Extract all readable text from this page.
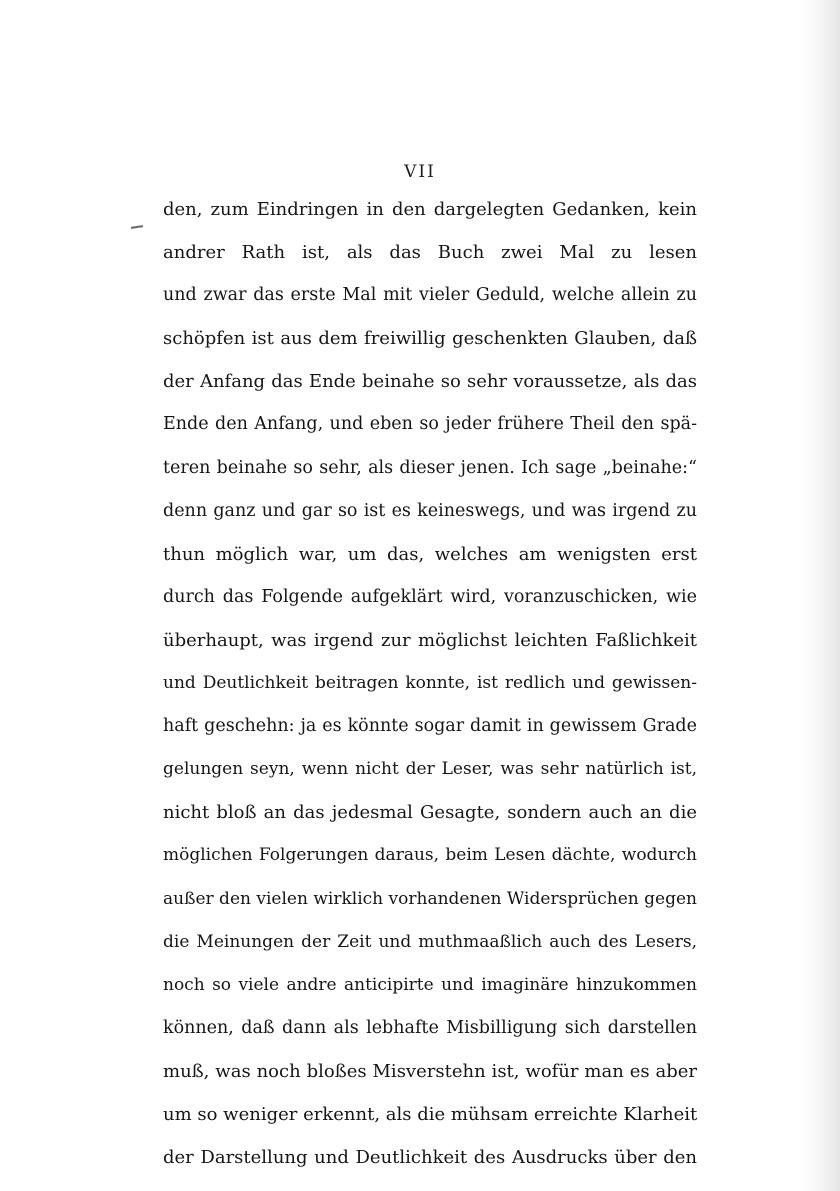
VII
den, zum Eindringen in den dargelegten Gedanken, kein
andrer Rath ist, als das Buch zwei Mal zu lesen
und zwar das erste Mal mit vieler Geduld, welche allein zu
schöpfen ist aus dem freiwillig geschenkten Glauben, daß
der Anfang das Ende beinahe so sehr voraussetze, als das
Ende den Anfang, und eben so jeder frühere Theil den spä-
teren beinahe so sehr, als dieser jenen. Ich sage „beinahe:“
denn ganz und gar so ist es keineswegs, und was irgend zu
thun möglich war, um das, welches am wenigsten erst
durch das Folgende aufgeklärt wird, voranzuschicken, wie
überhaupt, was irgend zur möglichst leichten Faßlichkeit
und Deutlichkeit beitragen konnte, ist redlich und gewissen-
haft geschehn: ja es könnte sogar damit in gewissem Grade
gelungen seyn, wenn nicht der Leser, was sehr natürlich ist,
nicht bloß an das jedesmal Gesagte, sondern auch an die
möglichen Folgerungen daraus, beim Lesen dächte, wodurch
außer den vielen wirklich vorhandenen Widersprüchen gegen
die Meinungen der Zeit und muthmaaßlich auch des Lesers,
noch so viele andre anticipirte und imaginäre hinzukommen
können, daß dann als lebhafte Misbilligung sich darstellen
muß, was noch bloßes Misverstehn ist, wofür man es aber
um so weniger erkennt, als die mühsam erreichte Klarheit
der Darstellung und Deutlichkeit des Ausdrucks über den
